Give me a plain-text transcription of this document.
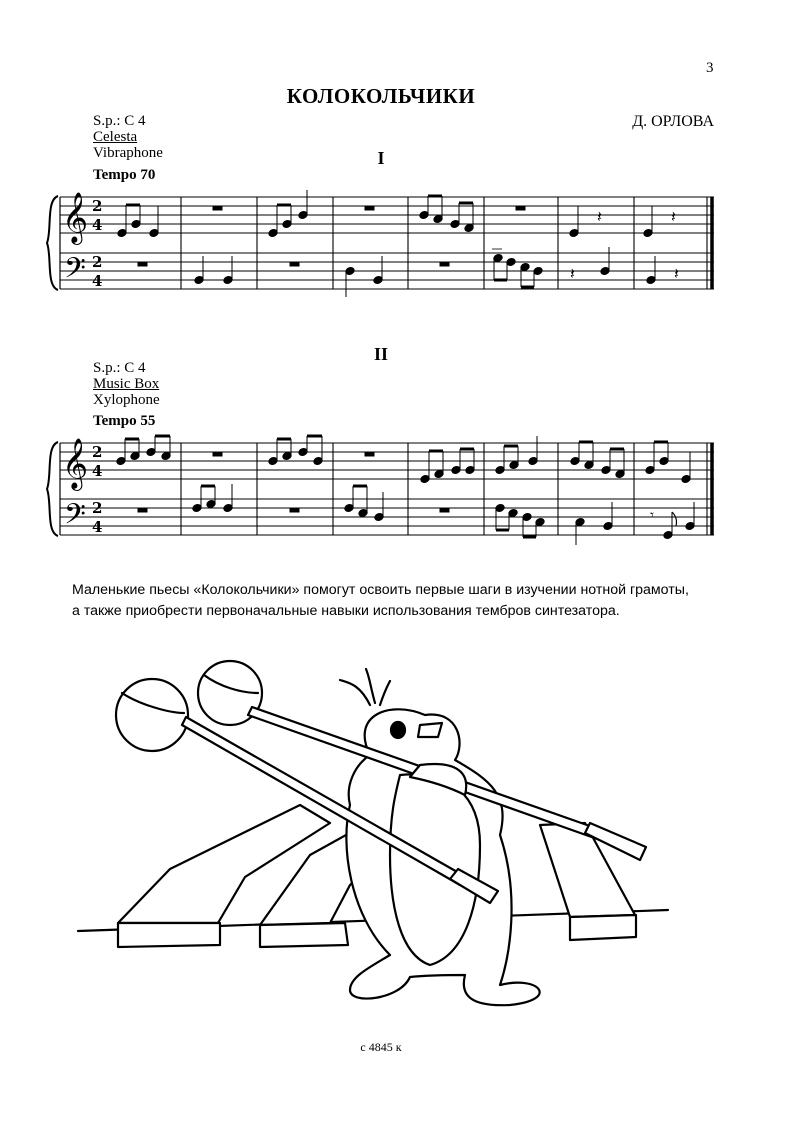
3
КОЛОКОЛЬЧИКИ
Д. ОРЛОВА
S.p.: C 4
Celesta
Vibraphone	I
Tempo 70
𝄞
𝄢
2
4
2
4
𝄽	𝄽
𝄽	𝄽
II
S.p.: C 4
Music Box
Xylophone
Tempo 55
𝄞
𝄢
2
4
2
4
𝄾

Маленькие пьесы «Колокольчики» помогут освоить первые шаги в изучении нотной грамоты,

а также приобрести первоначальные навыки использования тембров синтезатора.

с 4845 к
